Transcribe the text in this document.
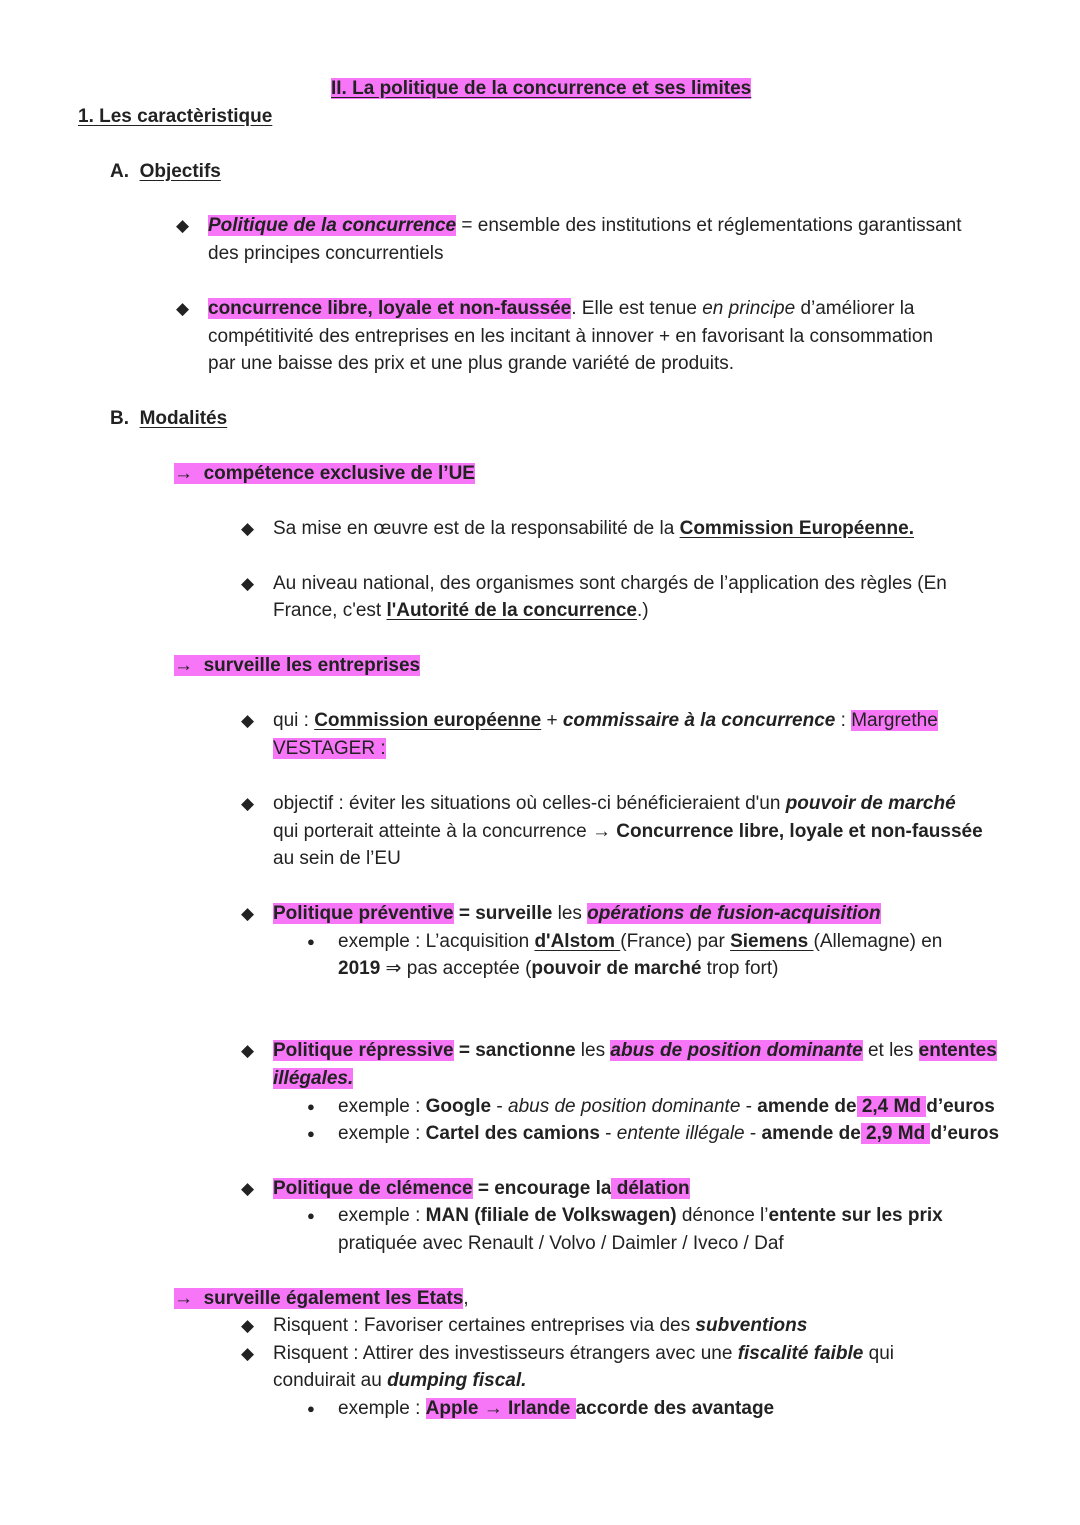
II. La politique de la concurrence et ses limites
1. Les caractèristique
A. Objectifs
◆ Politique de la concurrence = ensemble des institutions et réglementations garantissant
des principes concurrentiels
◆ concurrence libre, loyale et non-faussée. Elle est tenue en principe d’améliorer la
compétitivité des entreprises en les incitant à innover + en favorisant la consommation
par une baisse des prix et une plus grande variété de produits.
B. Modalités
→ compétence exclusive de l’UE
◆ Sa mise en œuvre est de la responsabilité de la Commission Européenne.
◆ Au niveau national, des organismes sont chargés de l’application des règles (En
France, c'est l'Autorité de la concurrence.)
→ surveille les entreprises
◆ qui : Commission européenne + commissaire à la concurrence : Margrethe
VESTAGER :
◆ objectif : éviter les situations où celles-ci bénéficieraient d'un pouvoir de marché
qui porterait atteinte à la concurrence → Concurrence libre, loyale et non-faussée
au sein de l’EU
◆ Politique préventive = surveille les opérations de fusion-acquisition
● exemple : L’acquisition d'Alstom (France) par Siemens (Allemagne) en
2019 ⇒ pas acceptée (pouvoir de marché trop fort)
◆ Politique répressive = sanctionne les abus de position dominante et les ententes
illégales.
● exemple : Google - abus de position dominante - amende de 2,4 Md d’euros
● exemple : Cartel des camions - entente illégale - amende de 2,9 Md d’euros
◆ Politique de clémence = encourage la délation
● exemple : MAN (filiale de Volkswagen) dénonce l’entente sur les prix
pratiquée avec Renault / Volvo / Daimler / Iveco / Daf
→ surveille également les Etats,
◆ Risquent : Favoriser certaines entreprises via des subventions
◆ Risquent : Attirer des investisseurs étrangers avec une fiscalité faible qui
conduirait au dumping fiscal.
● exemple : Apple → Irlande accorde des avantage
